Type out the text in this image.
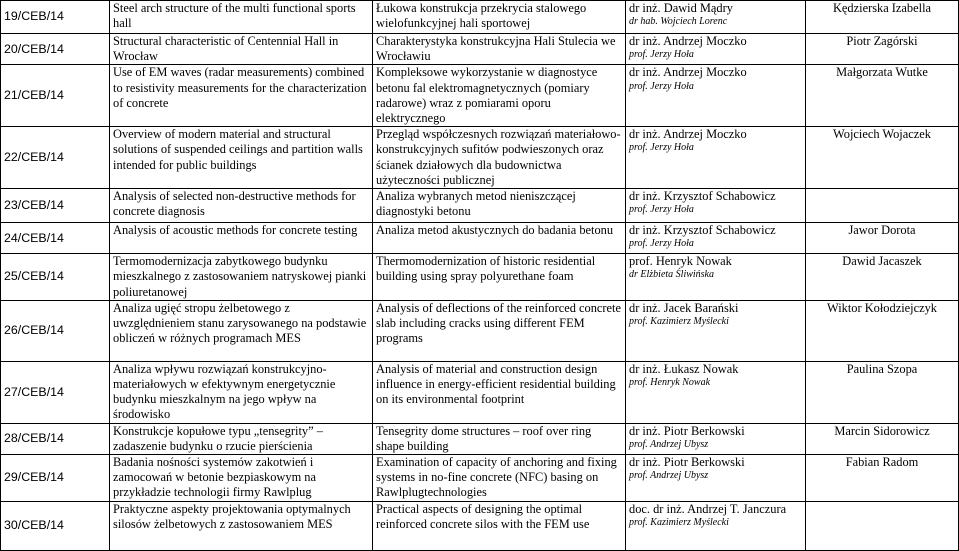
19/CEB/14	Steel arch structure of the multi functional sports hall	Łukowa konstrukcja przekrycia stalowego wielofunkcyjnej hali sportowej	dr inż. Dawid Mądry
dr hab. Wojciech Lorenc	Kędzierska Izabella
20/CEB/14	Structural characteristic of Centennial Hall in Wrocław	Charakterystyka konstrukcyjna Hali Stulecia we Wrocławiu	dr inż. Andrzej Moczko
prof. Jerzy Hoła	Piotr Zagórski
21/CEB/14	Use of EM waves (radar measurements) combined to resistivity measurements for the characterization of concrete	Kompleksowe wykorzystanie w diagnostyce betonu fal elektromagnetycznych (pomiary radarowe) wraz z pomiarami oporu elektrycznego	dr inż. Andrzej Moczko
prof. Jerzy Hoła	Małgorzata Wutke
22/CEB/14	Overview of modern material and structural solutions of suspended ceilings and partition walls intended for public buildings	Przegląd współczesnych rozwiązań materiałowo-konstrukcyjnych sufitów podwieszonych oraz ścianek działowych dla budownictwa użyteczności publicznej	dr inż. Andrzej Moczko
prof. Jerzy Hoła	Wojciech Wojaczek
23/CEB/14	Analysis of selected non-destructive methods for concrete diagnosis	Analiza wybranych metod nieniszczącej diagnostyki betonu	dr inż. Krzysztof Schabowicz
prof. Jerzy Hoła	

24/CEB/14	Analysis of acoustic methods for concrete testing	Analiza metod akustycznych do badania betonu	dr inż. Krzysztof Schabowicz
prof. Jerzy Hoła	Jawor Dorota
25/CEB/14	Termomodernizacja zabytkowego budynku mieszkalnego z zastosowaniem natryskowej pianki poliuretanowej	Thermomodernization of historic residential building using spray polyurethane foam	prof. Henryk Nowak
dr Elżbieta Śliwińska	Dawid Jacaszek
26/CEB/14	Analiza ugięć stropu żelbetowego z uwzględnieniem stanu zarysowanego na podstawie obliczeń w różnych programach MES	Analysis of deflections of the reinforced concrete slab including cracks using different FEM programs	dr inż. Jacek Barański
prof. Kazimierz Myślecki	Wiktor Kołodziejczyk
27/CEB/14	Analiza wpływu rozwiązań konstrukcyjno-materiałowych w efektywnym energetycznie budynku mieszkalnym na jego wpływ na środowisko	Analysis of material and construction design influence in energy-efficient residential building on its environmental footprint	dr inż. Łukasz Nowak
prof. Henryk Nowak	Paulina Szopa
28/CEB/14	Konstrukcje kopułowe typu „tensegrity” – zadaszenie budynku o rzucie pierścienia	Tensegrity dome structures – roof over ring shape building	dr inż. Piotr Berkowski
prof. Andrzej Ubysz	Marcin Sidorowicz
29/CEB/14	Badania nośności systemów zakotwień i zamocowań w betonie bezpiaskowym na przykładzie technologii firmy Rawlplug	Examination of capacity of anchoring and fixing systems in no-fine concrete (NFC) basing on Rawlplugtechnologies	dr inż. Piotr Berkowski
prof. Andrzej Ubysz	Fabian Radom
30/CEB/14	Praktyczne aspekty projektowania optymalnych silosów żelbetowych z zastosowaniem MES	Practical aspects of designing the optimal reinforced concrete silos with the FEM use	doc. dr inż. Andrzej T. Janczura
prof. Kazimierz Myślecki	
